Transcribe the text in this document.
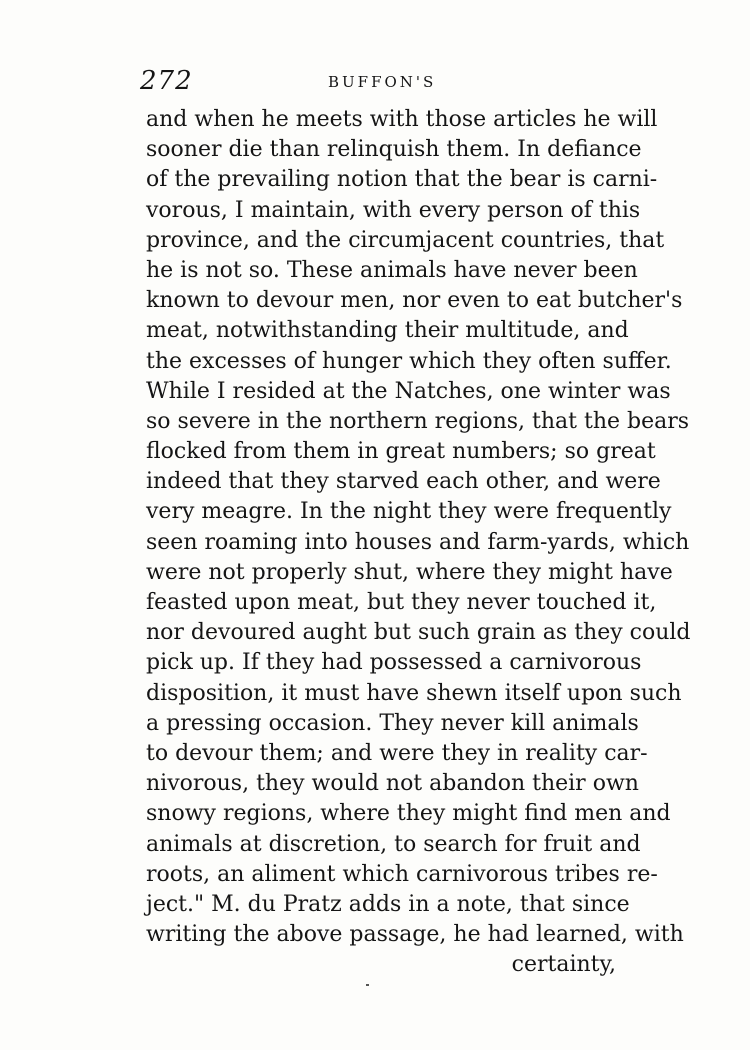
272	BUFFON'S
and when he meets with those articles he will
sooner die than relinquish them. In defiance
of the prevailing notion that the bear is carni-
vorous, I maintain, with every person of this
province, and the circumjacent countries, that
he is not so. These animals have never been
known to devour men, nor even to eat butcher's
meat, notwithstanding their multitude, and
the excesses of hunger which they often suffer.
While I resided at the Natches, one winter was
so severe in the northern regions, that the bears
flocked from them in great numbers; so great
indeed that they starved each other, and were
very meagre. In the night they were frequently
seen roaming into houses and farm-yards, which
were not properly shut, where they might have
feasted upon meat, but they never touched it,
nor devoured aught but such grain as they could
pick up. If they had possessed a carnivorous
disposition, it must have shewn itself upon such
a pressing occasion. They never kill animals
to devour them; and were they in reality car-
nivorous, they would not abandon their own
snowy regions, where they might find men and
animals at discretion, to search for fruit and
roots, an aliment which carnivorous tribes re-
ject." M. du Pratz adds in a note, that since
writing the above passage, he had learned, with
certainty,
